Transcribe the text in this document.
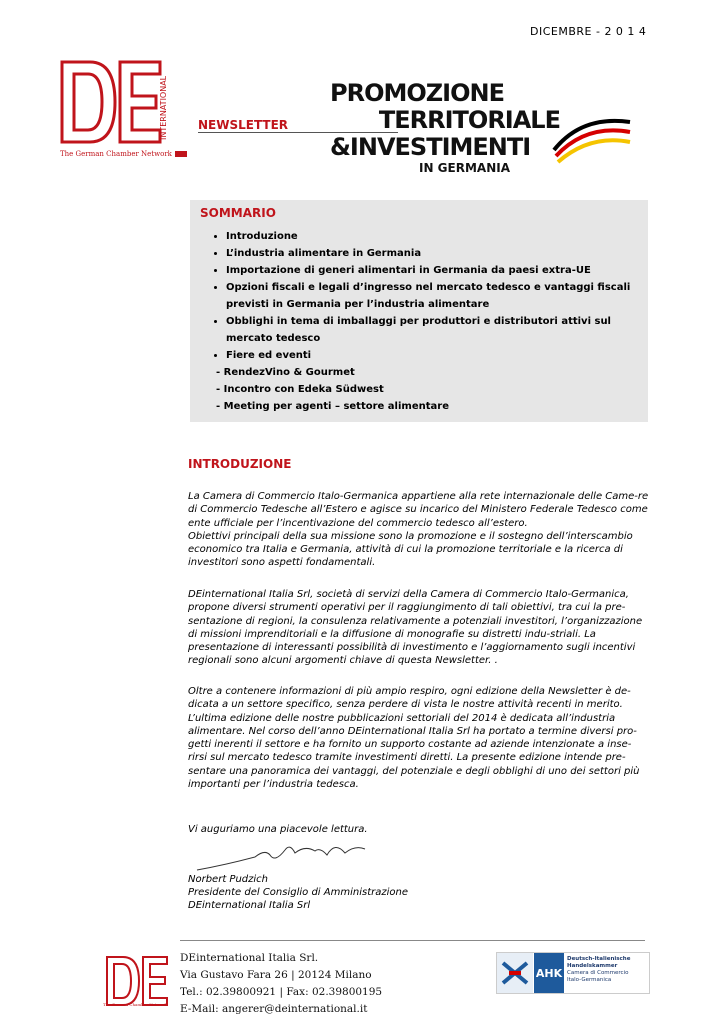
DICEMBRE - 2 0 1 4
INTERNATIONAL
The German Chamber Network
NEWSLETTER
PROMOZIONE
TERRITORIALE
&INVESTIMENTI
IN GERMANIA
SOMMARIO
• Introduzione
• L’industria alimentare in Germania
• Importazione di generi alimentari in Germania da paesi extra-UE
• Opzioni fiscali e legali d’ingresso nel mercato tedesco e vantaggi fiscali previsti in Germania per l’industria alimentare
• Obblighi in tema di imballaggi per produttori e distributori attivi sul mercato tedesco
• Fiere ed eventi
- RendezVino & Gourmet
- Incontro con Edeka Südwest
- Meeting per agenti – settore alimentare
INTRODUZIONE
La Camera di Commercio Italo-Germanica appartiene alla rete internazionale delle Came-re di Commercio Tedesche all’Estero e agisce su incarico del Ministero Federale Tedesco come ente ufficiale per l’incentivazione del commercio tedesco all’estero.
Obiettivi principali della sua missione sono la promozione e il sostegno dell’interscambio economico tra Italia e Germania, attività di cui la promozione territoriale e la ricerca di investitori sono aspetti fondamentali.
DEinternational Italia Srl, società di servizi della Camera di Commercio Italo-Germanica, propone diversi strumenti operativi per il raggiungimento di tali obiettivi, tra cui la pre-sentazione di regioni, la consulenza relativamente a potenziali investitori, l’organizzazione di missioni imprenditoriali e la diffusione di monografie su distretti indu-striali. La presentazione di interessanti possibilità di investimento e l’aggiornamento sugli incentivi regionali sono alcuni argomenti chiave di questa Newsletter. .
Oltre a contenere informazioni di più ampio respiro, ogni edizione della Newsletter è de-dicata a un settore specifico, senza perdere di vista le nostre attività recenti in merito. L’ultima edizione delle nostre pubblicazioni settoriali del 2014 è dedicata all’industria alimentare. Nel corso dell’anno DEinternational Italia Srl ha portato a termine diversi pro-getti inerenti il settore e ha fornito un supporto costante ad aziende intenzionate a inse-rirsi sul mercato tedesco tramite investimenti diretti. La presente edizione intende pre-sentare una panoramica dei vantaggi, del potenziale e degli obblighi di uno dei settori più importanti per l’industria tedesca.
Vi auguriamo una piacevole lettura.
Norbert Pudzich
Presidente del Consiglio di Amministrazione
DEinternational Italia Srl
The German Chamber Network
DEinternational Italia Srl.
Via Gustavo Fara 26 | 20124 Milano
Tel.: 02.39800921 | Fax: 02.39800195
E-Mail: angerer@deinternational.it
AHK
Deutsch-Italienische
Handelskammer
Camera di Commercio
Italo-Germanica
